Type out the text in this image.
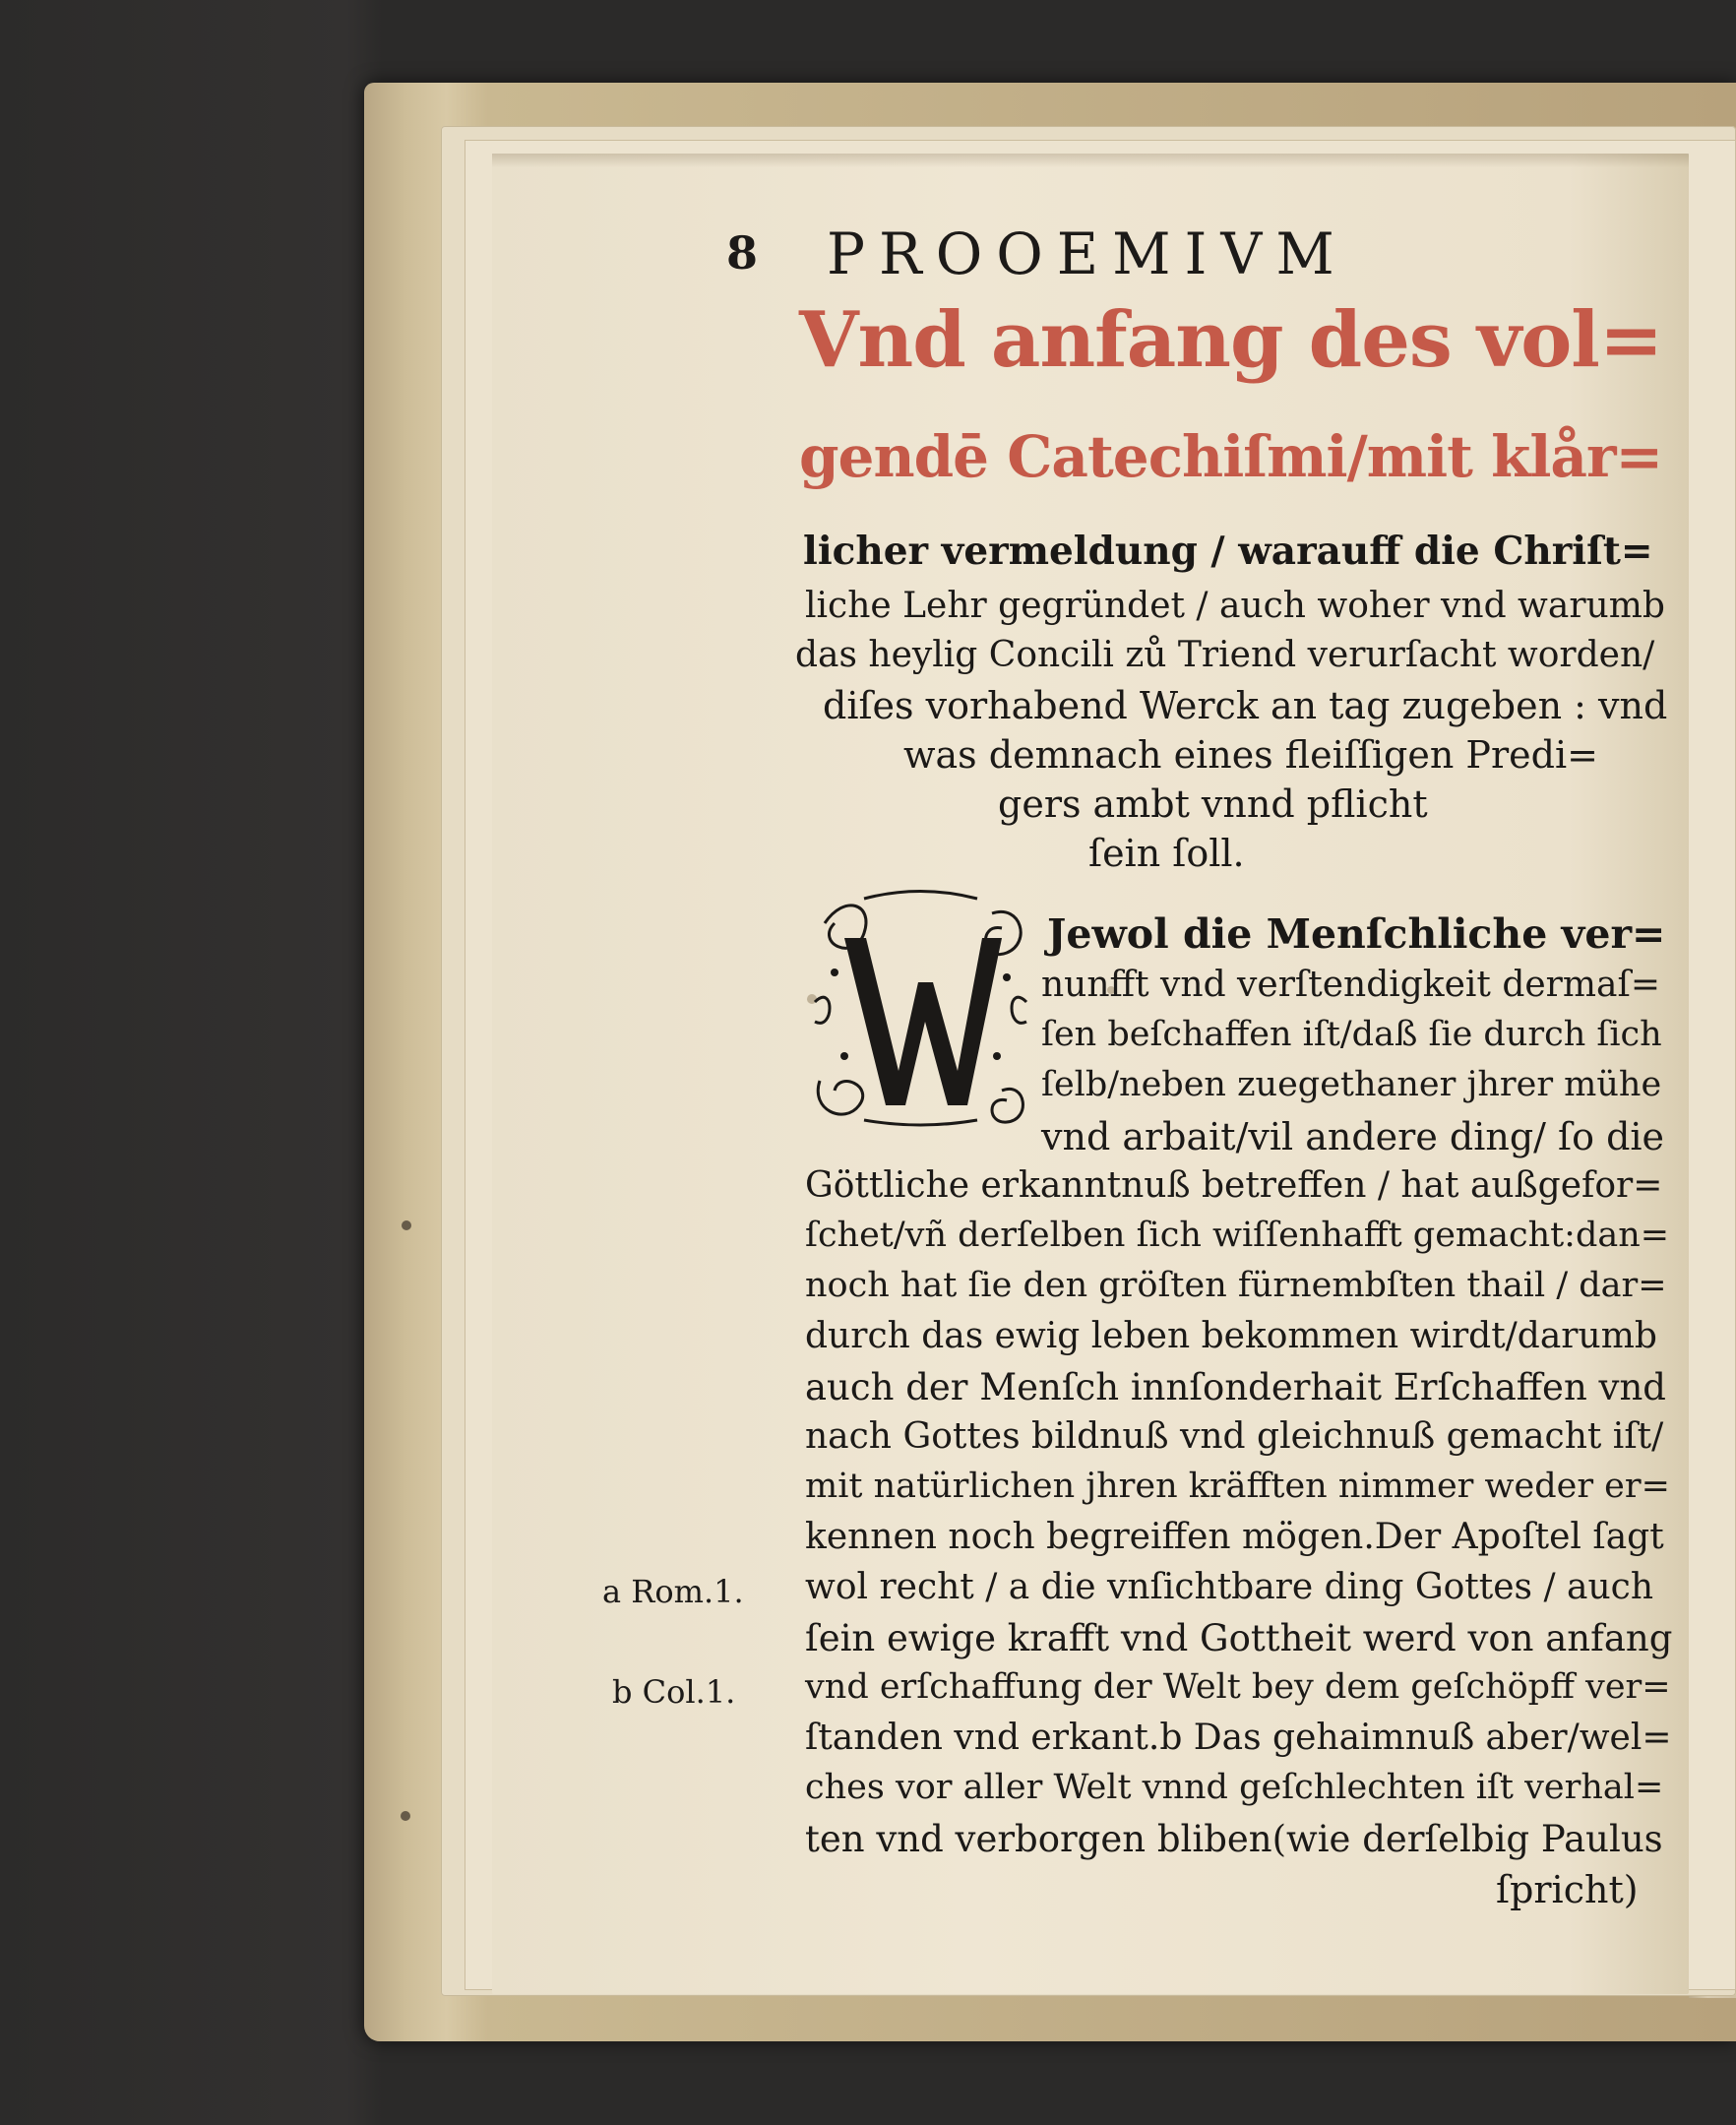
8 PROOEMIVM
Vnd anfang des vol=
gendē Catechiſmi/mit klår=
licher vermeldung / warauff die Chriſt=
liche Lehr gegründet / auch woher vnd warumb
das heylig Concili zů Triend verurſacht worden/
diſes vorhabend Werck an tag zugeben : vnd
was demnach eines fleiſſigen Predi=
gers ambt vnnd pflicht
ſein ſoll.
Jewol die Menſchliche ver=
nunfft vnd verſtendigkeit dermaſ=
ſen beſchaffen iſt/daß ſie durch ſich
ſelb/neben zuegethaner jhrer mühe
vnd arbait/vil andere ding/ ſo die
Göttliche erkanntnuß betreffen / hat außgefor=
ſchet/vñ derſelben ſich wiſſenhafft gemacht:dan=
noch hat ſie den gröſten fürnembſten thail / dar=
durch das ewig leben bekommen wirdt/darumb
auch der Menſch innſonderhait Erſchaffen vnd
nach Gottes bildnuß vnd gleichnuß gemacht iſt/
mit natürlichen jhren kräfften nimmer weder er=
kennen noch begreiffen mögen.Der Apoſtel ſagt
wol recht / a die vnſichtbare ding Gottes / auch
ſein ewige krafft vnd Gottheit werd von anfang
vnd erſchaffung der Welt bey dem geſchöpff ver=
ſtanden vnd erkant.b Das gehaimnuß aber/wel=
ches vor aller Welt vnnd geſchlechten iſt verhal=
ten vnd verborgen bliben(wie derſelbig Paulus
ſpricht)
a Rom.1.
b Col.1.
